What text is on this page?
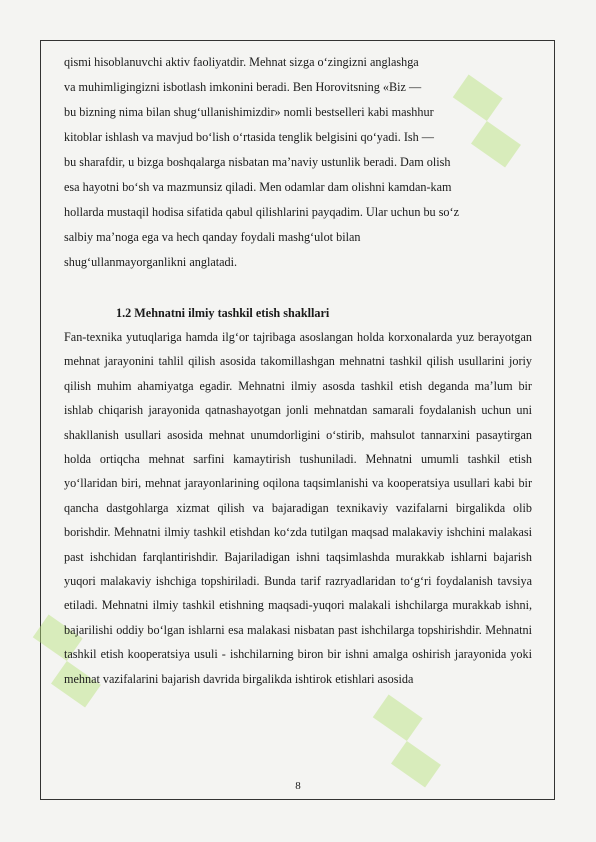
▞
▞
▞
qismi hisoblanuvchi aktiv faoliyatdir. Mehnat sizga o‘zingizni anglashga
va muhimligingizni isbotlash imkonini beradi. Ben Horovitsning «Biz —
bu bizning nima bilan shug‘ullanishimizdir» nomli bestselleri kabi mashhur
kitoblar ishlash va mavjud bo‘lish o‘rtasida tenglik belgisini qo‘yadi. Ish —
bu sharafdir, u bizga boshqalarga nisbatan ma’naviy ustunlik beradi. Dam olish
esa hayotni bo‘sh va mazmunsiz qiladi. Men odamlar dam olishni kamdan-kam
hollarda mustaqil hodisa sifatida qabul qilishlarini payqadim. Ular uchun bu so‘z
salbiy ma’noga ega va hech qanday foydali mashg‘ulot bilan
shug‘ullanmayorganlikni anglatadi.
1.2 Mehnatni ilmiy tashkil etish shakllari
Fan-texnika yutuqlariga hamda ilg‘or tajribaga asoslangan holda korxonalarda yuz berayotgan mehnat jarayonini tahlil qilish asosida takomillashgan mehnatni tashkil qilish usullarini joriy qilish muhim ahamiyatga egadir. Mehnatni ilmiy asosda tashkil etish deganda ma’lum bir ishlab chiqarish jarayonida qatnashayotgan jonli mehnatdan samarali foydalanish uchun uni shakllanish usullari asosida mehnat unumdorligini o‘stirib, mahsulot tannarxini pasaytirgan holda ortiqcha mehnat sarfini kamaytirish tushuniladi. Mehnatni umumli tashkil etish yo‘llaridan biri, mehnat jarayonlarining oqilona taqsimlanishi va kooperatsiya usullari kabi bir qancha dastgohlarga xizmat qilish va bajaradigan texnikaviy vazifalarni birgalikda olib borishdir. Mehnatni ilmiy tashkil etishdan ko‘zda tutilgan maqsad malakaviy ishchini malakasi past ishchidan farqlantirishdir. Bajariladigan ishni taqsimlashda murakkab ishlarni bajarish yuqori malakaviy ishchiga topshiriladi. Bunda tarif razryadlaridan to‘g‘ri foydalanish tavsiya etiladi. Mehnatni ilmiy tashkil etishning maqsadi-yuqori malakali ishchilarga murakkab ishni, bajarilishi oddiy bo‘lgan ishlarni esa malakasi nisbatan past ishchilarga topshirishdir. Mehnatni tashkil etish kooperatsiya usuli - ishchilarning biron bir ishni amalga oshirish jarayonida yoki mehnat vazifalarini bajarish davrida birgalikda ishtirok etishlari asosida
8
